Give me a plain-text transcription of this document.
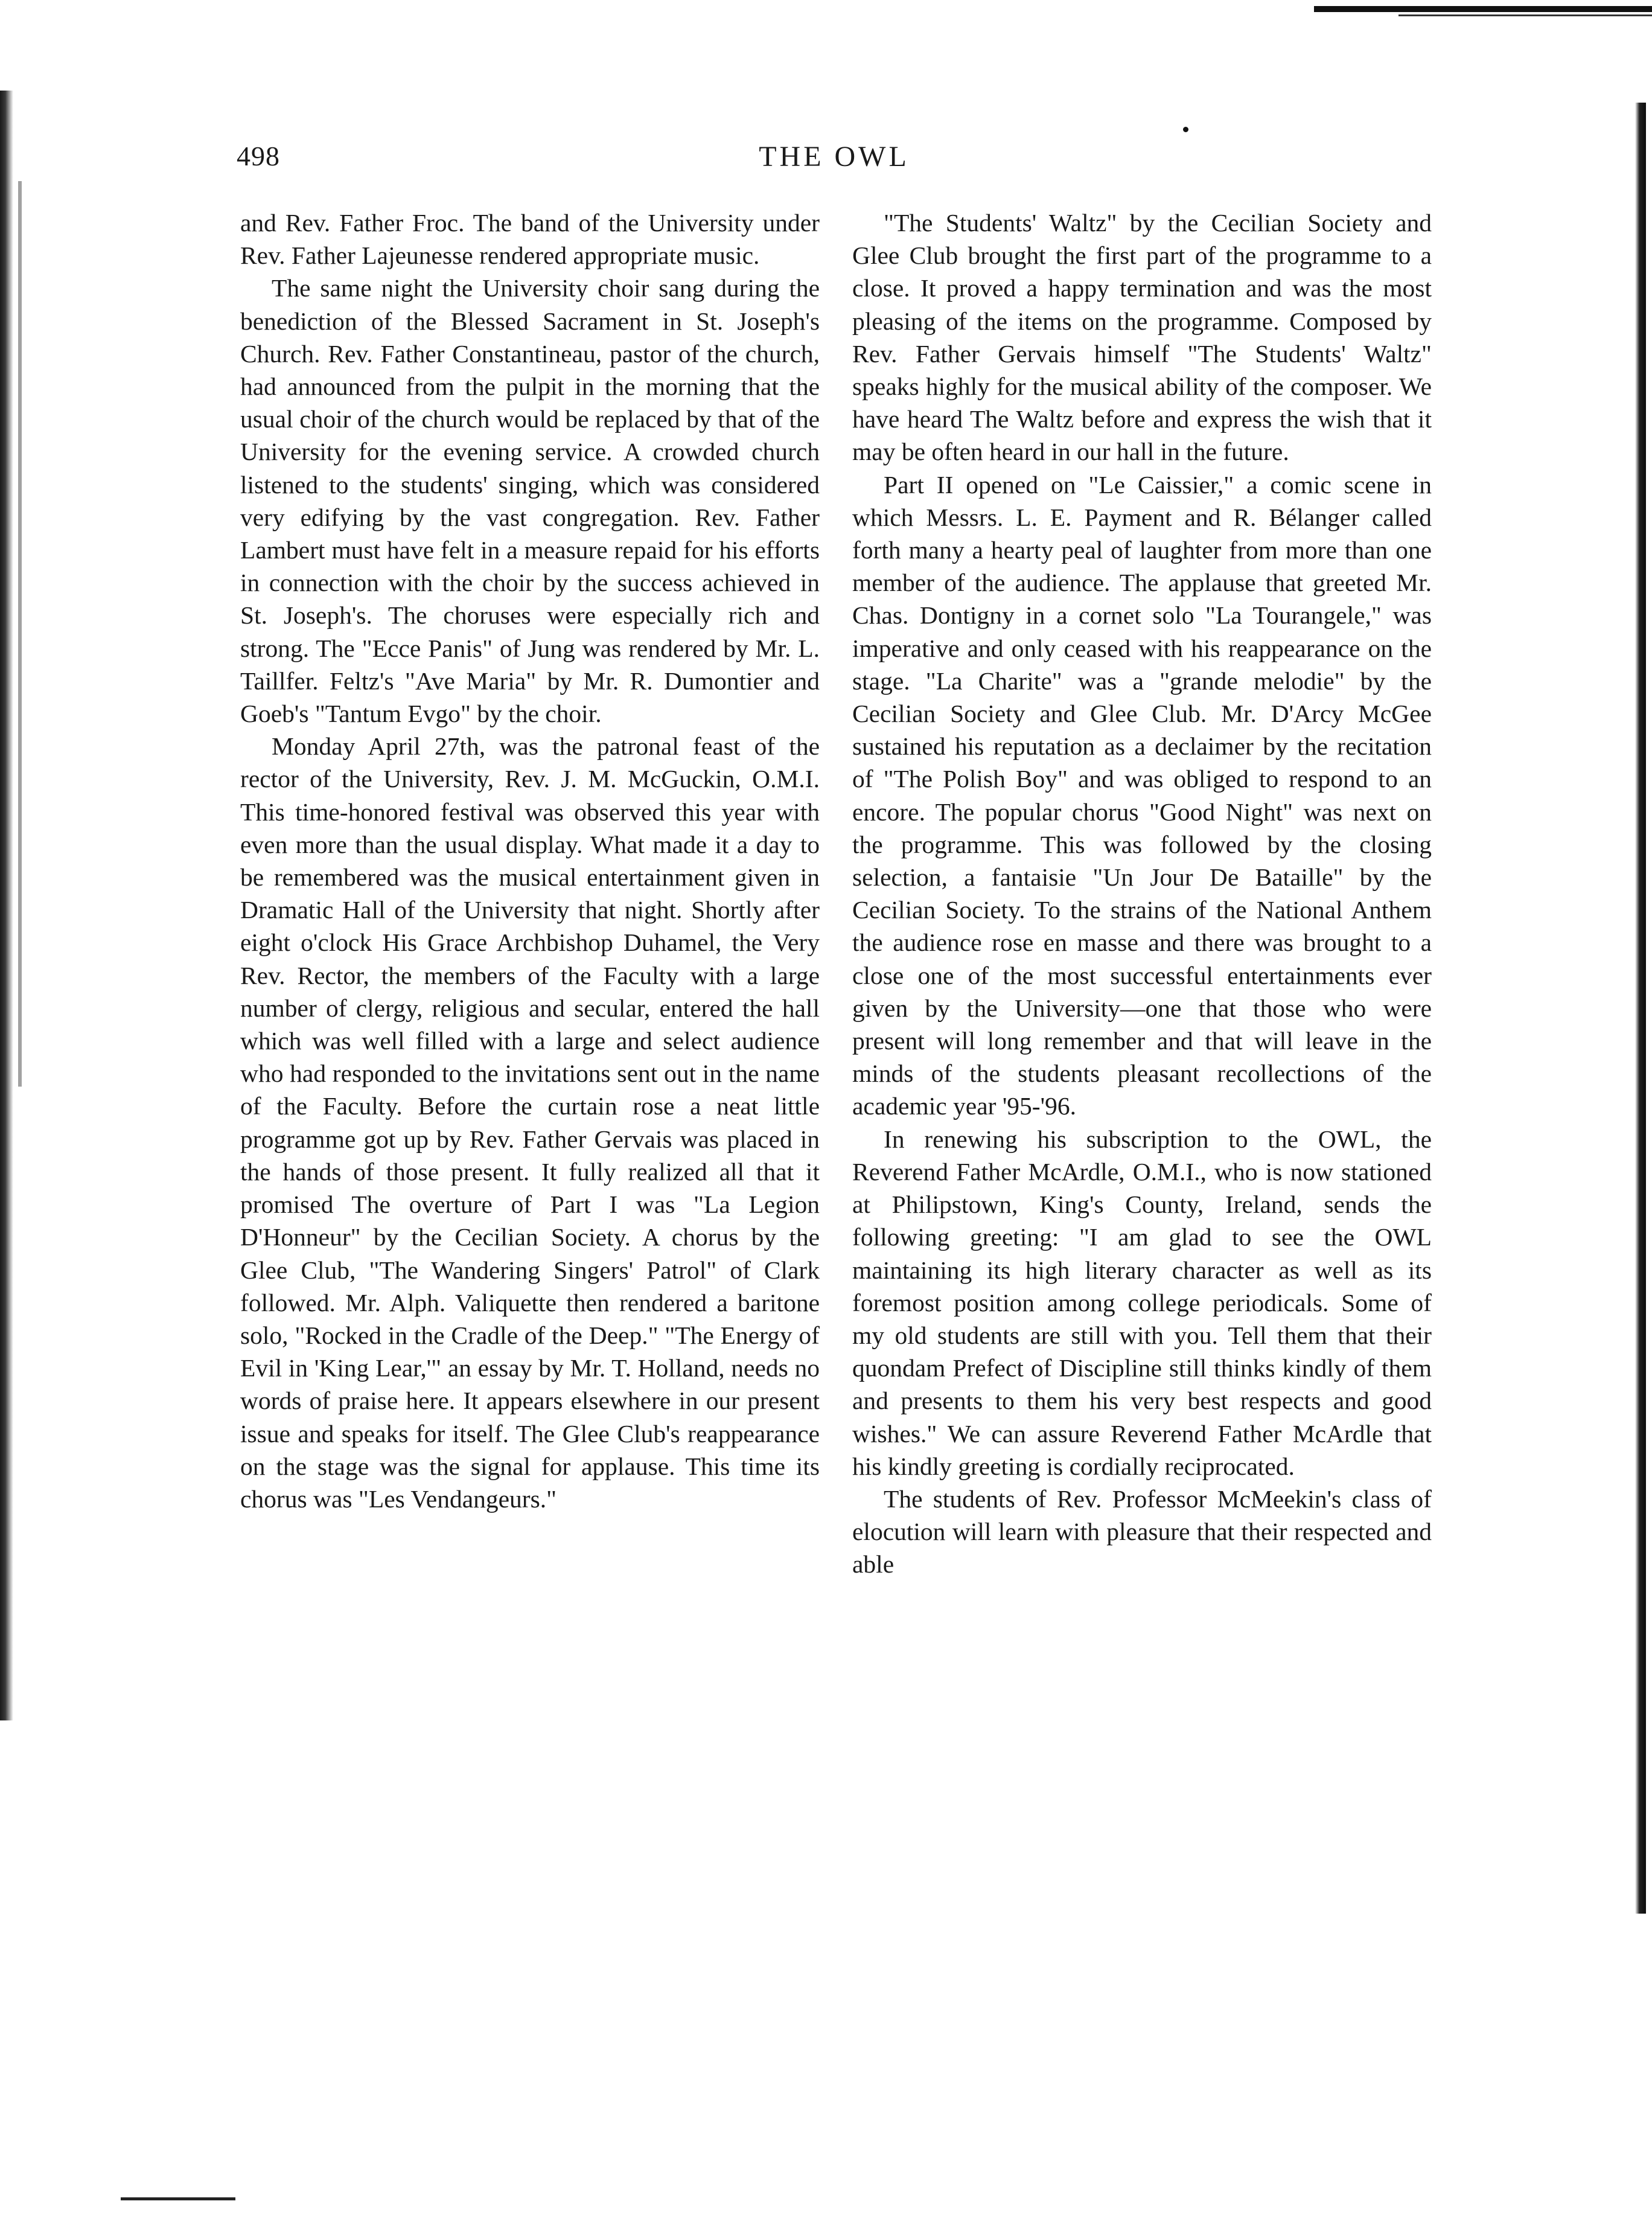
498	THE OWL

and Rev. Father Froc. The band of the University under Rev. Father Lajeunesse rendered appropriate music.

The same night the University choir sang during the benediction of the Blessed Sacrament in St. Joseph's Church. Rev. Father Constantineau, pastor of the church, had announced from the pulpit in the morning that the usual choir of the church would be replaced by that of the University for the evening service. A crowded church listened to the students' singing, which was considered very edifying by the vast congregation. Rev. Father Lambert must have felt in a measure repaid for his efforts in connection with the choir by the success achieved in St. Joseph's. The choruses were especially rich and strong. The "Ecce Panis" of Jung was rendered by Mr. L. Taillfer. Feltz's "Ave Maria" by Mr. R. Dumontier and Goeb's "Tantum Evgo" by the choir.

Monday April 27th, was the patronal feast of the rector of the University, Rev. J. M. McGuckin, O.M.I. This time-honored festival was observed this year with even more than the usual display. What made it a day to be remembered was the musical entertainment given in Dramatic Hall of the University that night. Shortly after eight o'clock His Grace Archbishop Duhamel, the Very Rev. Rector, the members of the Faculty with a large number of clergy, religious and secular, entered the hall which was well filled with a large and select audience who had responded to the invitations sent out in the name of the Faculty. Before the curtain rose a neat little programme got up by Rev. Father Gervais was placed in the hands of those present. It fully realized all that it promised The overture of Part I was "La Legion D'Honneur" by the Cecilian Society. A chorus by the Glee Club, "The Wandering Singers' Patrol" of Clark followed. Mr. Alph. Valiquette then rendered a baritone solo, "Rocked in the Cradle of the Deep." "The Energy of Evil in 'King Lear,'" an essay by Mr. T. Holland, needs no words of praise here. It appears elsewhere in our present issue and speaks for itself. The Glee Club's reappearance on the stage was the signal for applause. This time its chorus was "Les Vendangeurs."

"The Students' Waltz" by the Cecilian Society and Glee Club brought the first part of the programme to a close. It proved a happy termination and was the most pleasing of the items on the programme. Composed by Rev. Father Gervais himself "The Students' Waltz" speaks highly for the musical ability of the composer. We have heard The Waltz before and express the wish that it may be often heard in our hall in the future.

Part II opened on "Le Caissier," a comic scene in which Messrs. L. E. Payment and R. Bélanger called forth many a hearty peal of laughter from more than one member of the audience. The applause that greeted Mr. Chas. Dontigny in a cornet solo "La Tourangele," was imperative and only ceased with his reappearance on the stage. "La Charite" was a "grande melodie" by the Cecilian Society and Glee Club. Mr. D'Arcy McGee sustained his reputation as a declaimer by the recitation of "The Polish Boy" and was obliged to respond to an encore. The popular chorus "Good Night" was next on the programme. This was followed by the closing selection, a fantaisie "Un Jour De Bataille" by the Cecilian Society. To the strains of the National Anthem the audience rose en masse and there was brought to a close one of the most successful entertainments ever given by the University—one that those who were present will long remember and that will leave in the minds of the students pleasant recollections of the academic year '95-'96.

In renewing his subscription to the OWL, the Reverend Father McArdle, O.M.I., who is now stationed at Philipstown, King's County, Ireland, sends the following greeting: "I am glad to see the OWL maintaining its high literary character as well as its foremost position among college periodicals. Some of my old students are still with you. Tell them that their quondam Prefect of Discipline still thinks kindly of them and presents to them his very best respects and good wishes." We can assure Reverend Father McArdle that his kindly greeting is cordially reciprocated.

The students of Rev. Professor McMeekin's class of elocution will learn with pleasure that their respected and able
